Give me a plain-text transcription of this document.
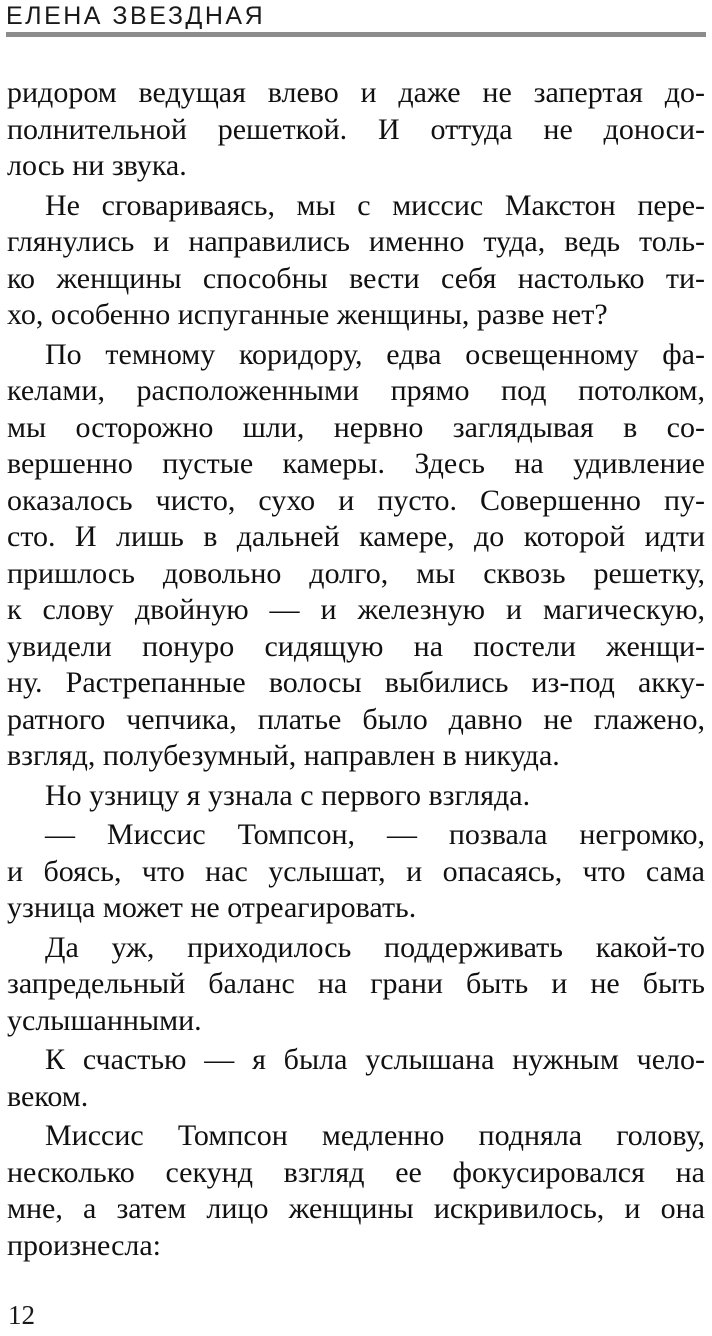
ЕЛЕНА ЗВЕЗДНАЯ
ридором ведущая влево и даже не запертая до-
полнительной решеткой. И оттуда не доноси-
лось ни звука.
Не сговариваясь, мы с миссис Макстон пере-
глянулись и направились именно туда, ведь толь-
ко женщины способны вести себя настолько ти-
хо, особенно испуганные женщины, разве нет?
По темному коридору, едва освещенному фа-
келами, расположенными прямо под потолком,
мы осторожно шли, нервно заглядывая в со-
вершенно пустые камеры. Здесь на удивление
оказалось чисто, сухо и пусто. Совершенно пу-
сто. И лишь в дальней камере, до которой идти
пришлось довольно долго, мы сквозь решетку,
к слову двойную — и железную и магическую,
увидели понуро сидящую на постели женщи-
ну. Растрепанные волосы выбились из-под акку-
ратного чепчика, платье было давно не глажено,
взгляд, полубезумный, направлен в никуда.
Но узницу я узнала с первого взгляда.
— Миссис Томпсон, — позвала негромко,
и боясь, что нас услышат, и опасаясь, что сама
узница может не отреагировать.
Да уж, приходилось поддерживать какой-то
запредельный баланс на грани быть и не быть
услышанными.
К счастью — я была услышана нужным чело-
веком.
Миссис Томпсон медленно подняла голову,
несколько секунд взгляд ее фокусировался на
мне, а затем лицо женщины искривилось, и она
произнесла:
12
